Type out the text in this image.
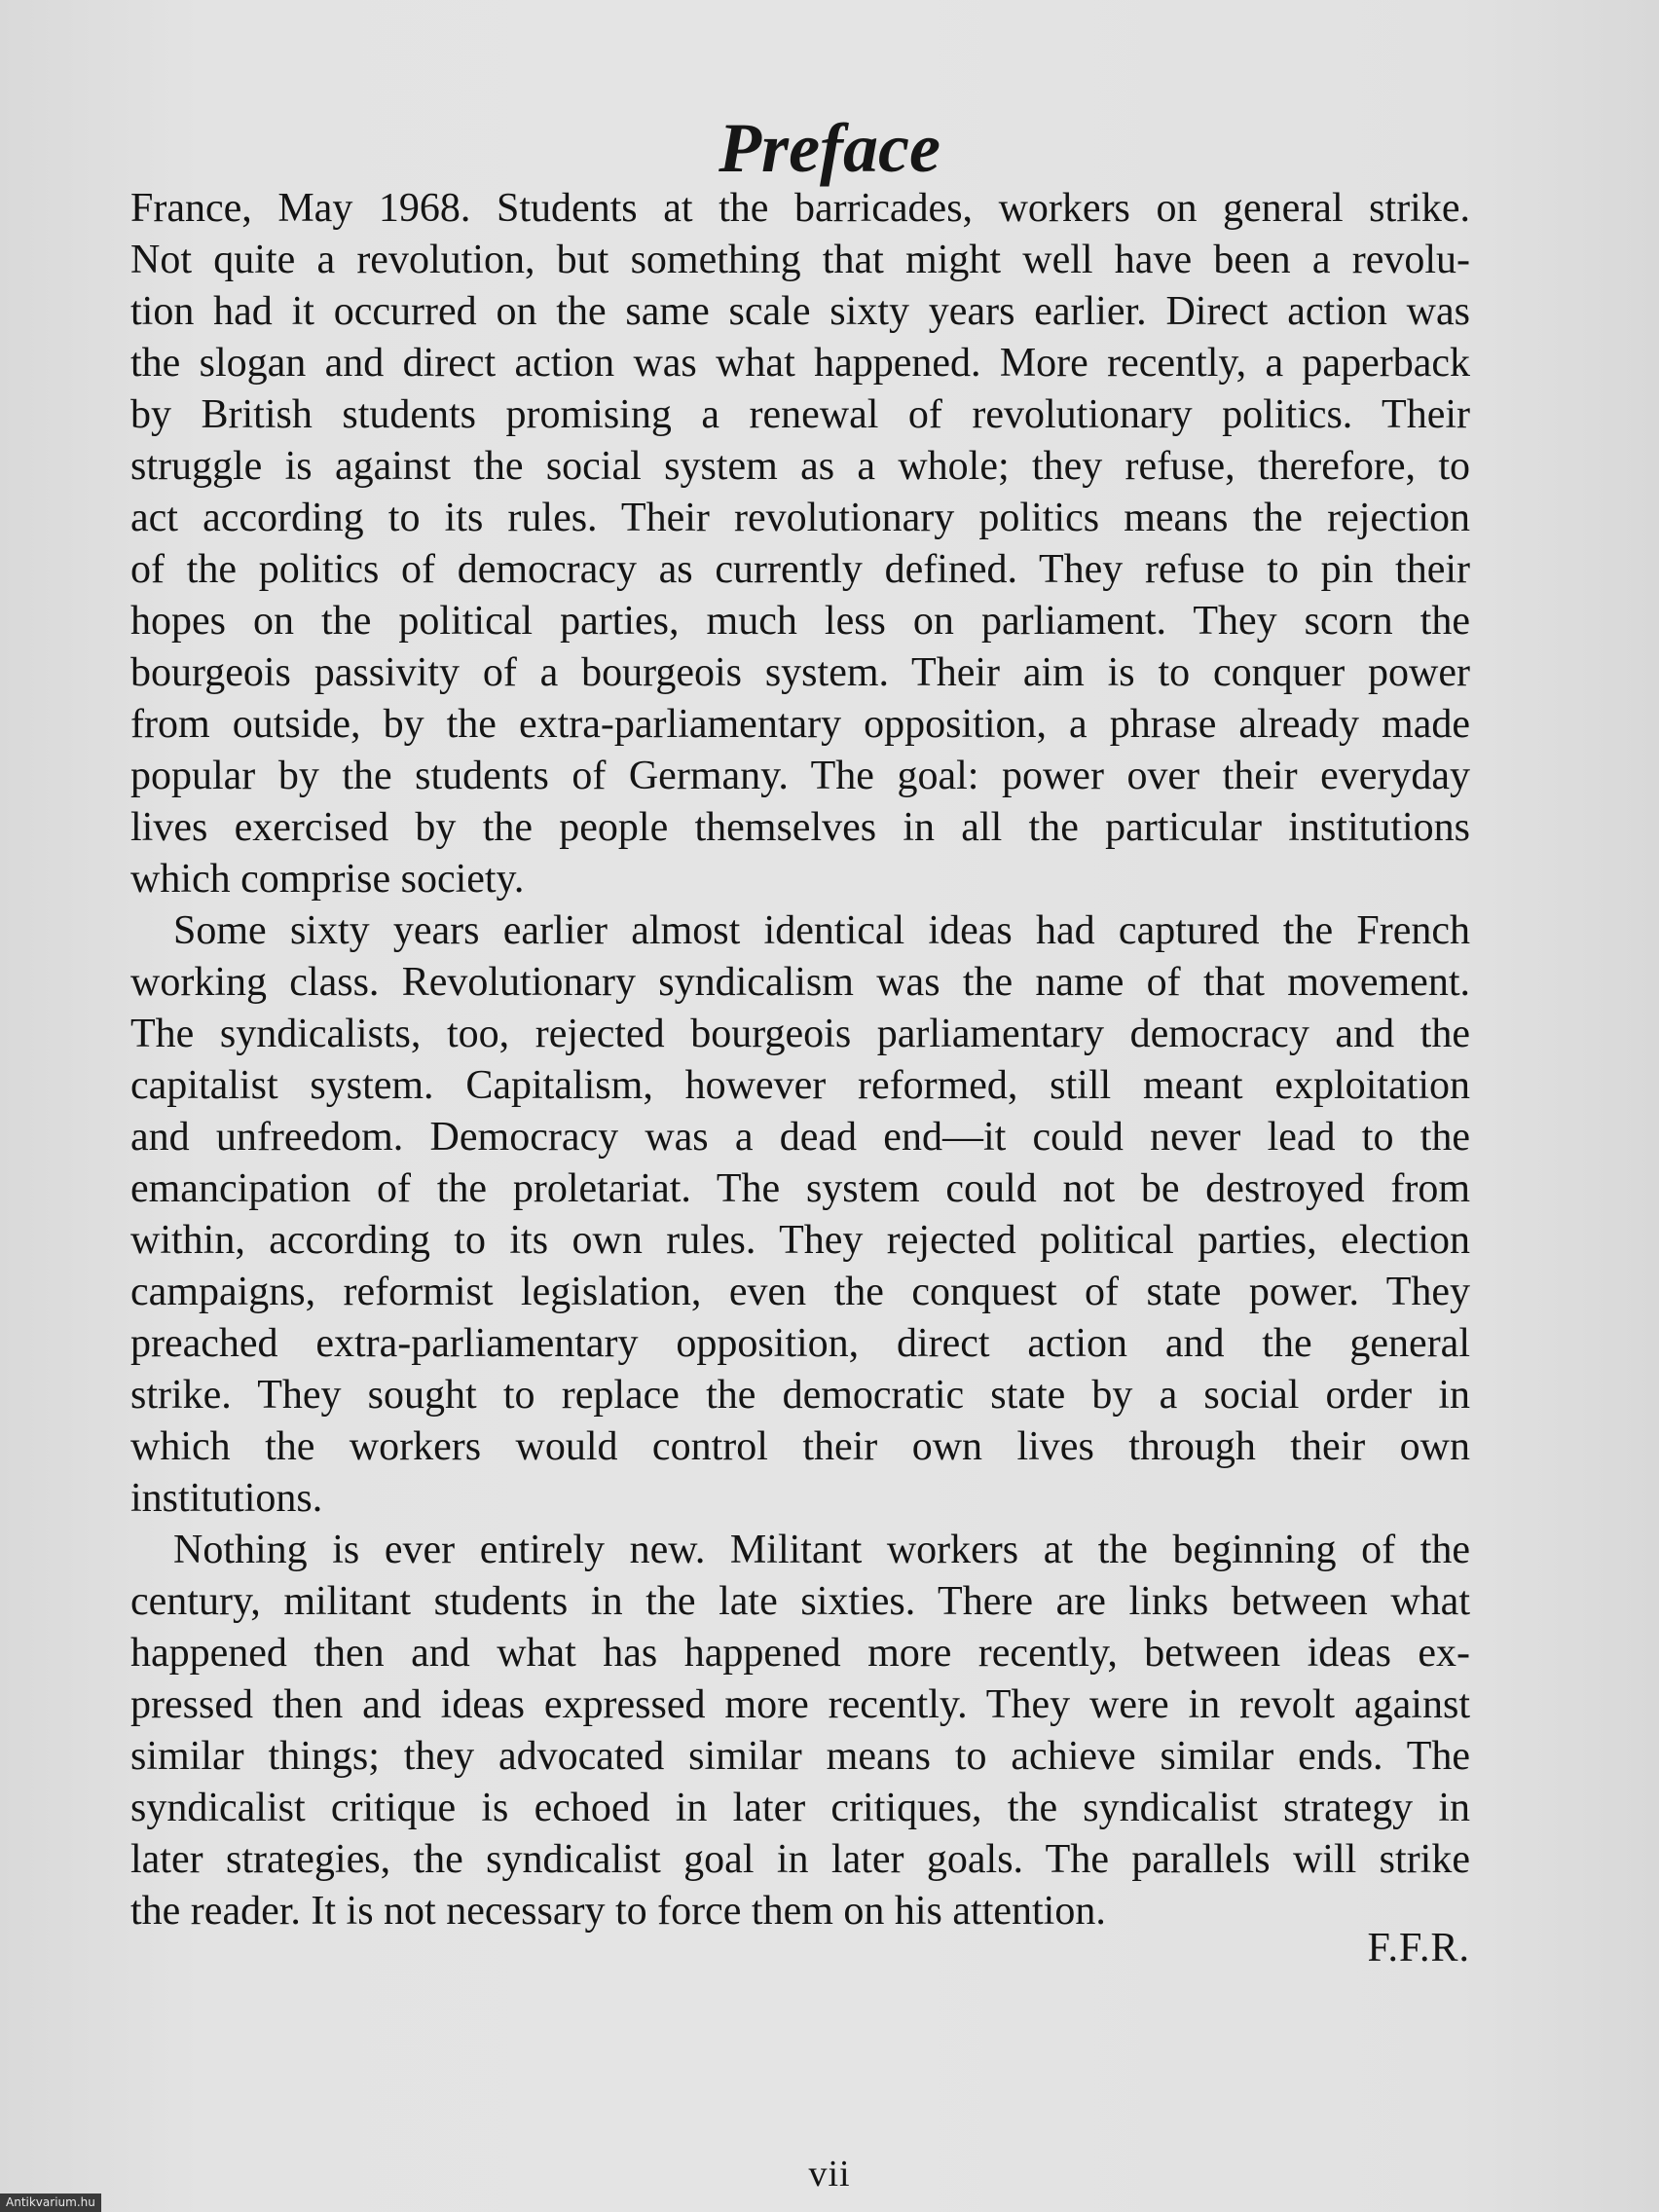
Preface
France, May 1968. Students at the barricades, workers on general strike.
Not quite a revolution, but something that might well have been a revolu-
tion had it occurred on the same scale sixty years earlier. Direct action was
the slogan and direct action was what happened. More recently, a paperback
by British students promising a renewal of revolutionary politics. Their
struggle is against the social system as a whole; they refuse, therefore, to
act according to its rules. Their revolutionary politics means the rejection
of the politics of democracy as currently defined. They refuse to pin their
hopes on the political parties, much less on parliament. They scorn the
bourgeois passivity of a bourgeois system. Their aim is to conquer power
from outside, by the extra-parliamentary opposition, a phrase already made
popular by the students of Germany. The goal: power over their everyday
lives exercised by the people themselves in all the particular institutions
which comprise society.
Some sixty years earlier almost identical ideas had captured the French
working class. Revolutionary syndicalism was the name of that movement.
The syndicalists, too, rejected bourgeois parliamentary democracy and the
capitalist system. Capitalism, however reformed, still meant exploitation
and unfreedom. Democracy was a dead end—it could never lead to the
emancipation of the proletariat. The system could not be destroyed from
within, according to its own rules. They rejected political parties, election
campaigns, reformist legislation, even the conquest of state power. They
preached extra-parliamentary opposition, direct action and the general
strike. They sought to replace the democratic state by a social order in
which the workers would control their own lives through their own
institutions.
Nothing is ever entirely new. Militant workers at the beginning of the
century, militant students in the late sixties. There are links between what
happened then and what has happened more recently, between ideas ex-
pressed then and ideas expressed more recently. They were in revolt against
similar things; they advocated similar means to achieve similar ends. The
syndicalist critique is echoed in later critiques, the syndicalist strategy in
later strategies, the syndicalist goal in later goals. The parallels will strike
the reader. It is not necessary to force them on his attention.
F.F.R.
vii
Antikvarium.hu
